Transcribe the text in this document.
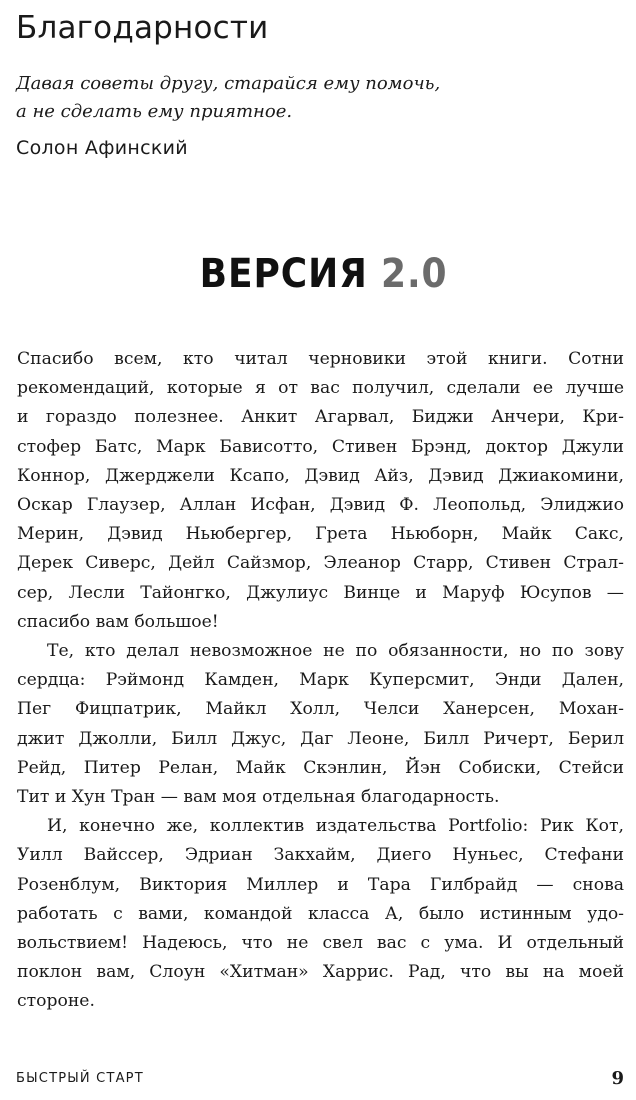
Благодарности
Давая советы другу, старайся ему помочь,
а не сделать ему приятное.
Солон Афинский
ВЕРСИЯ 2.0
Спасибо всем, кто читал черновики этой книги. Сотни
рекомендаций, которые я от вас получил, сделали ее лучше
и гораздо полезнее. Анкит Агарвал, Биджи Анчери, Кри-
стофер Батс, Марк Бависотто, Стивен Брэнд, доктор Джули
Коннор, Джерджели Ксапо, Дэвид Айз, Дэвид Джиакомини,
Оскар Глаузер, Аллан Исфан, Дэвид Ф. Леопольд, Элиджио
Мерин, Дэвид Ньюбергер, Грета Ньюборн, Майк Сакс,
Дерек Сиверс, Дейл Сайзмор, Элеанор Старр, Стивен Страл-
сер, Лесли Тайонгко, Джулиус Винце и Маруф Юсупов —
спасибо вам большое!
Те, кто делал невозможное не по обязанности, но по зову
сердца: Рэймонд Камден, Марк Куперсмит, Энди Дален,
Пег Фицпатрик, Майкл Холл, Челси Ханерсен, Мохан-
джит Джолли, Билл Джус, Даг Леоне, Билл Ричерт, Берил
Рейд, Питер Релан, Майк Скэнлин, Йэн Собиски, Стейси
Тит и Хун Тран — вам моя отдельная благодарность.
И, конечно же, коллектив издательства Portfolio: Рик Кот,
Уилл Вайссер, Эдриан Закхайм, Диего Нуньес, Стефани
Розенблум, Виктория Миллер и Тара Гилбрайд — снова
работать с вами, командой класса А, было истинным удо-
вольствием! Надеюсь, что не свел вас с ума. И отдельный
поклон вам, Слоун «Хитман» Харрис. Рад, что вы на моей
стороне.
БЫСТРЫЙ СТАРТ	9
